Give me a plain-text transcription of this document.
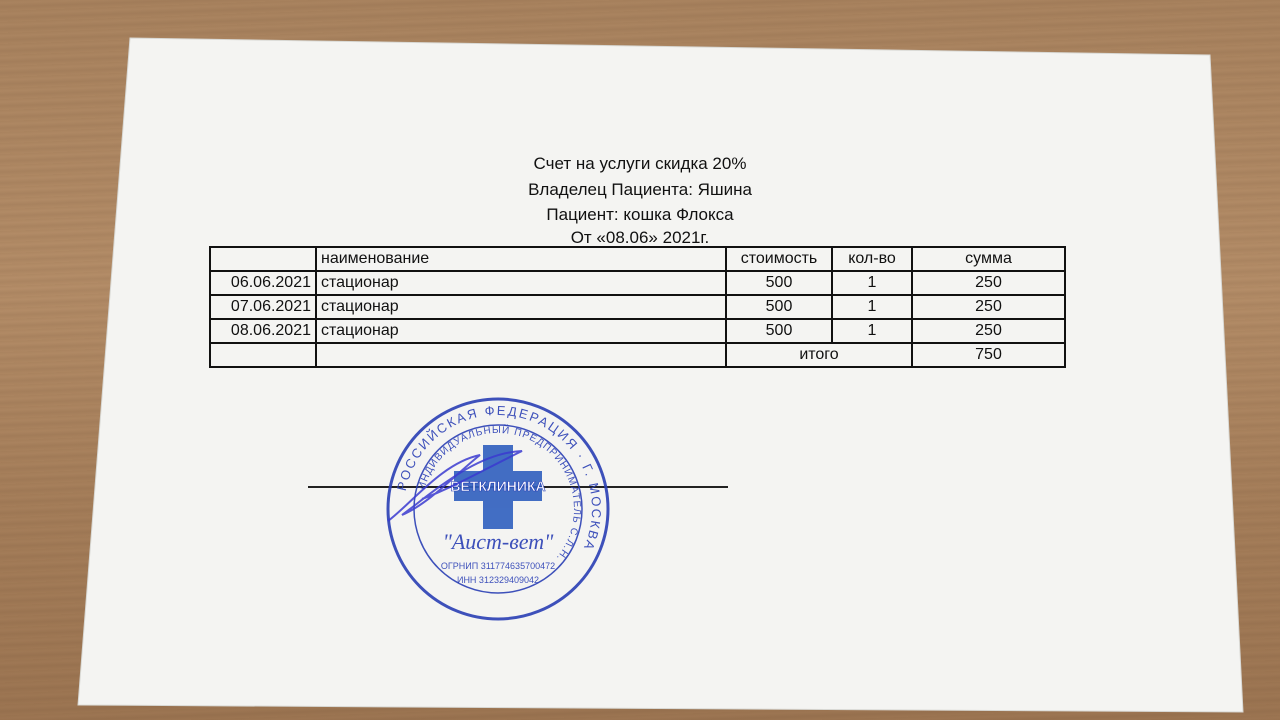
Счет на услуги скидка 20%
Владелец Пациента: Яшина
Пациент: кошка Флокса
От «08.06» 2021г.
	наименование	стоимость	кол-во	сумма
06.06.2021	стационар	500	1	250
07.06.2021	стационар	500	1	250
08.06.2021	стационар	500	1	250
		итого		750
РОССИЙСКАЯ ФЕДЕРАЦИЯ · Г. МОСКВА
ИНДИВИДУАЛЬНЫЙ ПРЕДПРИНИМАТЕЛЬ С.Л.Н.
ВЕТКЛИНИКА
"Аист-вет"
ОГРНИП 311774635700472
ИНН 312329409042
